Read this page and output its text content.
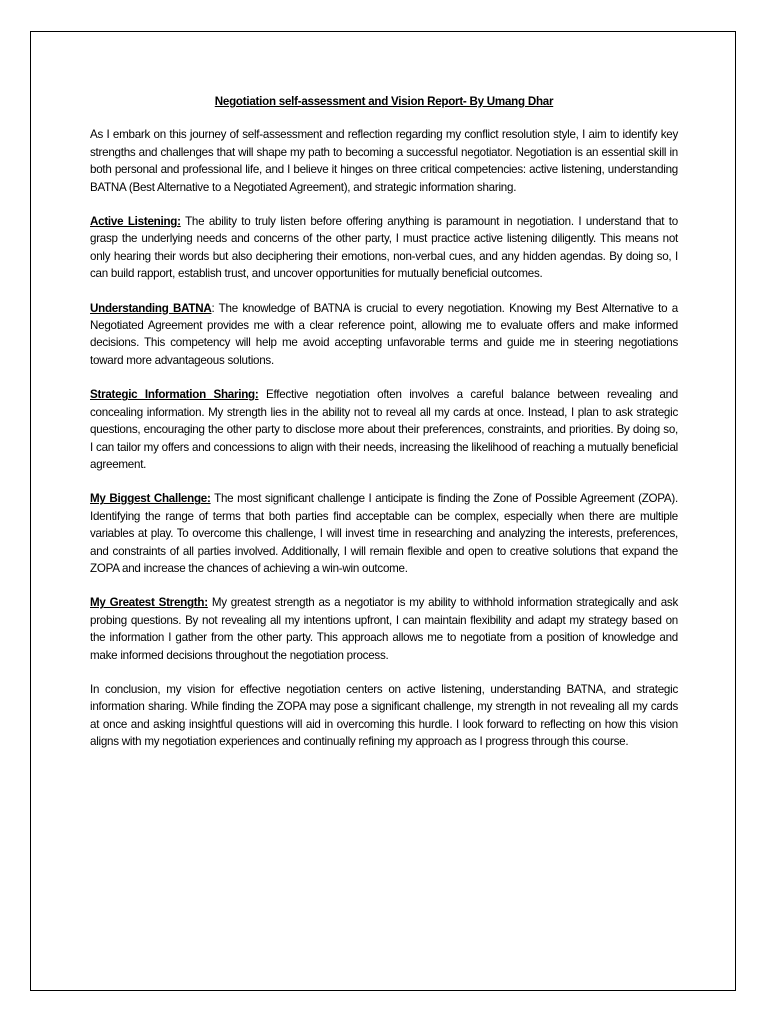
Negotiation self-assessment and Vision Report- By Umang Dhar

As I embark on this journey of self-assessment and reflection regarding my conflict resolution style, I aim to identify key strengths and challenges that will shape my path to becoming a successful negotiator. Negotiation is an essential skill in both personal and professional life, and I believe it hinges on three critical competencies: active listening, understanding BATNA (Best Alternative to a Negotiated Agreement), and strategic information sharing.

Active Listening: The ability to truly listen before offering anything is paramount in negotiation. I understand that to grasp the underlying needs and concerns of the other party, I must practice active listening diligently. This means not only hearing their words but also deciphering their emotions, non-verbal cues, and any hidden agendas. By doing so, I can build rapport, establish trust, and uncover opportunities for mutually beneficial outcomes.

Understanding BATNA: The knowledge of BATNA is crucial to every negotiation. Knowing my Best Alternative to a Negotiated Agreement provides me with a clear reference point, allowing me to evaluate offers and make informed decisions. This competency will help me avoid accepting unfavorable terms and guide me in steering negotiations toward more advantageous solutions.

Strategic Information Sharing: Effective negotiation often involves a careful balance between revealing and concealing information. My strength lies in the ability not to reveal all my cards at once. Instead, I plan to ask strategic questions, encouraging the other party to disclose more about their preferences, constraints, and priorities. By doing so, I can tailor my offers and concessions to align with their needs, increasing the likelihood of reaching a mutually beneficial agreement.

My Biggest Challenge: The most significant challenge I anticipate is finding the Zone of Possible Agreement (ZOPA). Identifying the range of terms that both parties find acceptable can be complex, especially when there are multiple variables at play. To overcome this challenge, I will invest time in researching and analyzing the interests, preferences, and constraints of all parties involved. Additionally, I will remain flexible and open to creative solutions that expand the ZOPA and increase the chances of achieving a win-win outcome.

My Greatest Strength: My greatest strength as a negotiator is my ability to withhold information strategically and ask probing questions. By not revealing all my intentions upfront, I can maintain flexibility and adapt my strategy based on the information I gather from the other party. This approach allows me to negotiate from a position of knowledge and make informed decisions throughout the negotiation process.

In conclusion, my vision for effective negotiation centers on active listening, understanding BATNA, and strategic information sharing. While finding the ZOPA may pose a significant challenge, my strength in not revealing all my cards at once and asking insightful questions will aid in overcoming this hurdle. I look forward to reflecting on how this vision aligns with my negotiation experiences and continually refining my approach as I progress through this course.
